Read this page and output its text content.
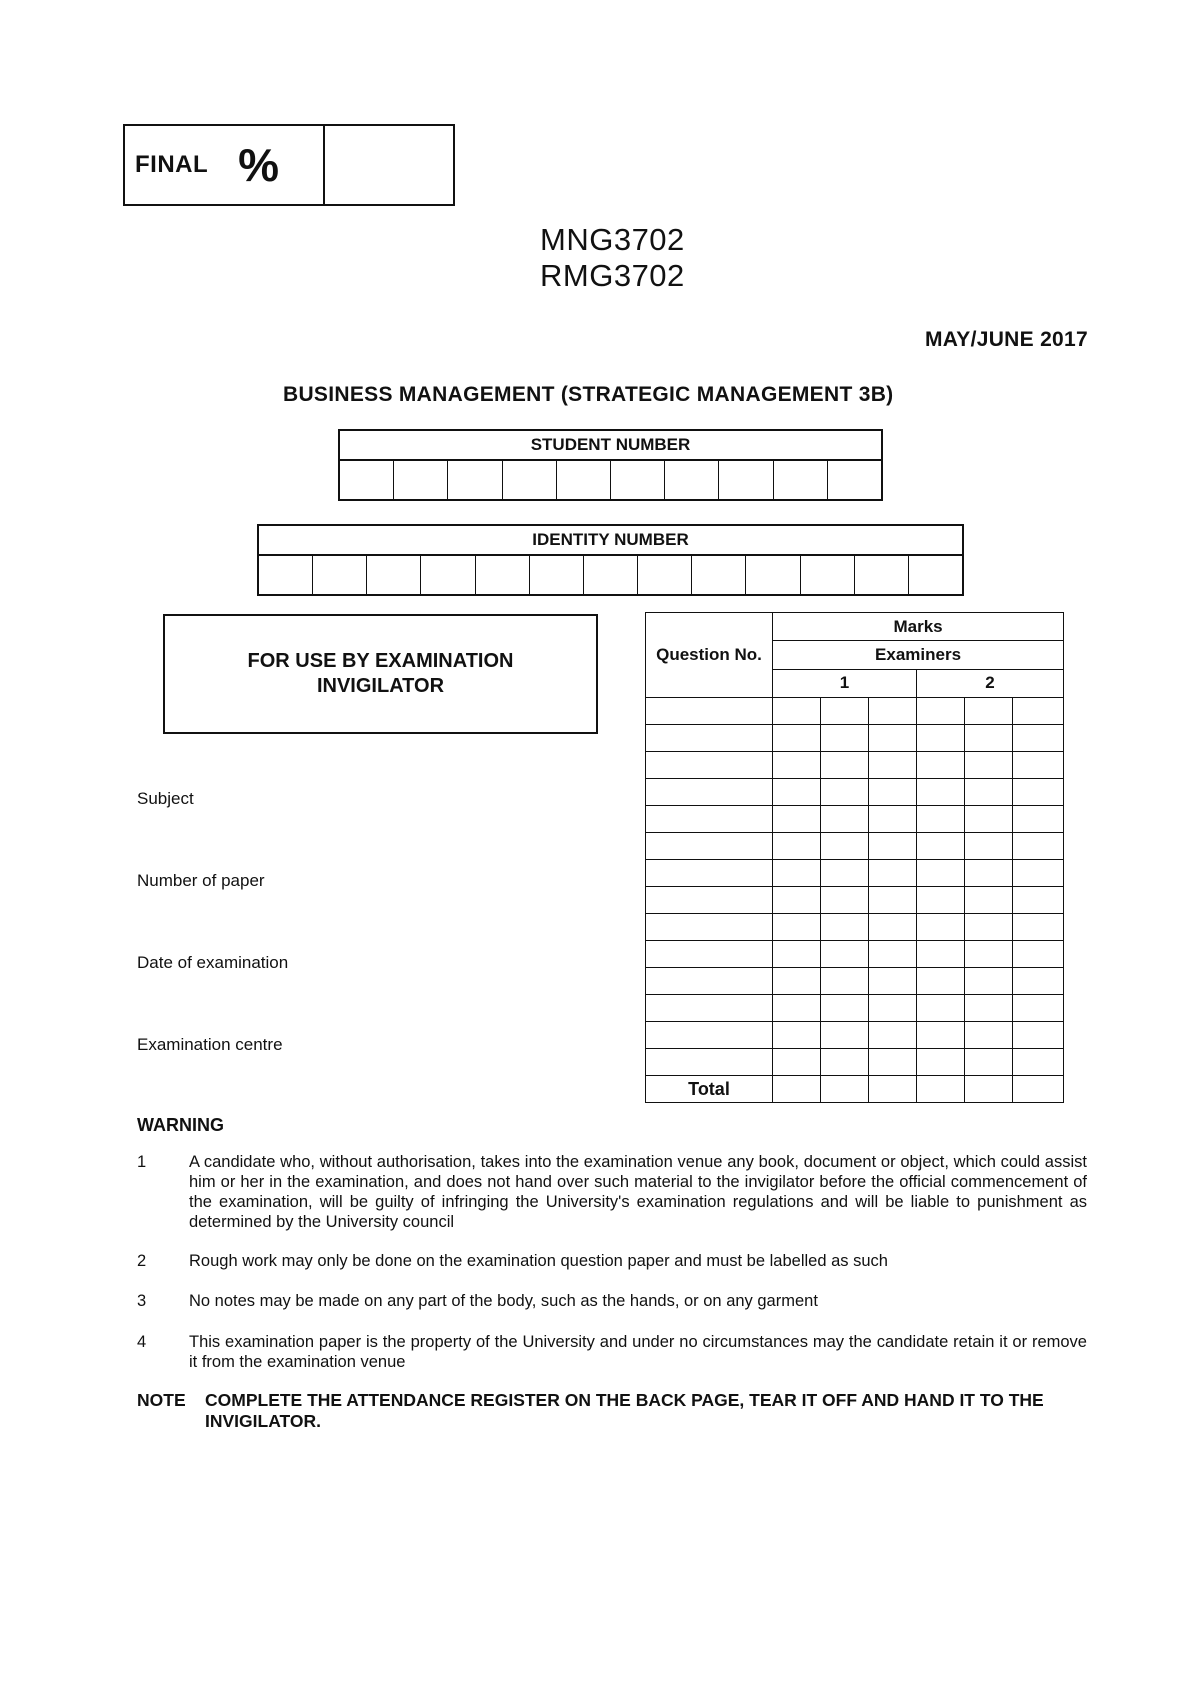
FINAL %
MNG3702
RMG3702
MAY/JUNE 2017
BUSINESS MANAGEMENT (STRATEGIC MANAGEMENT 3B)
STUDENT NUMBER
IDENTITY NUMBER
FOR USE BY EXAMINATION INVIGILATOR
Subject
Number of paper
Date of examination
Examination centre
Question No.	Marks					
	Examiners					
	1			2		

Total						
WARNING
1	A candidate who, without authorisation, takes into the examination venue any book, document or object, which could assist him or her in the examination, and does not hand over such material to the invigilator before the official commencement of the examination, will be guilty of infringing the University's examination regulations and will be liable to punishment as determined by the University council
2	Rough work may only be done on the examination question paper and must be labelled as such
3	No notes may be made on any part of the body, such as the hands, or on any garment
4	This examination paper is the property of the University and under no circumstances may the candidate retain it or remove it from the examination venue
NOTE	COMPLETE THE ATTENDANCE REGISTER ON THE BACK PAGE, TEAR IT OFF AND HAND IT TO THE INVIGILATOR.
